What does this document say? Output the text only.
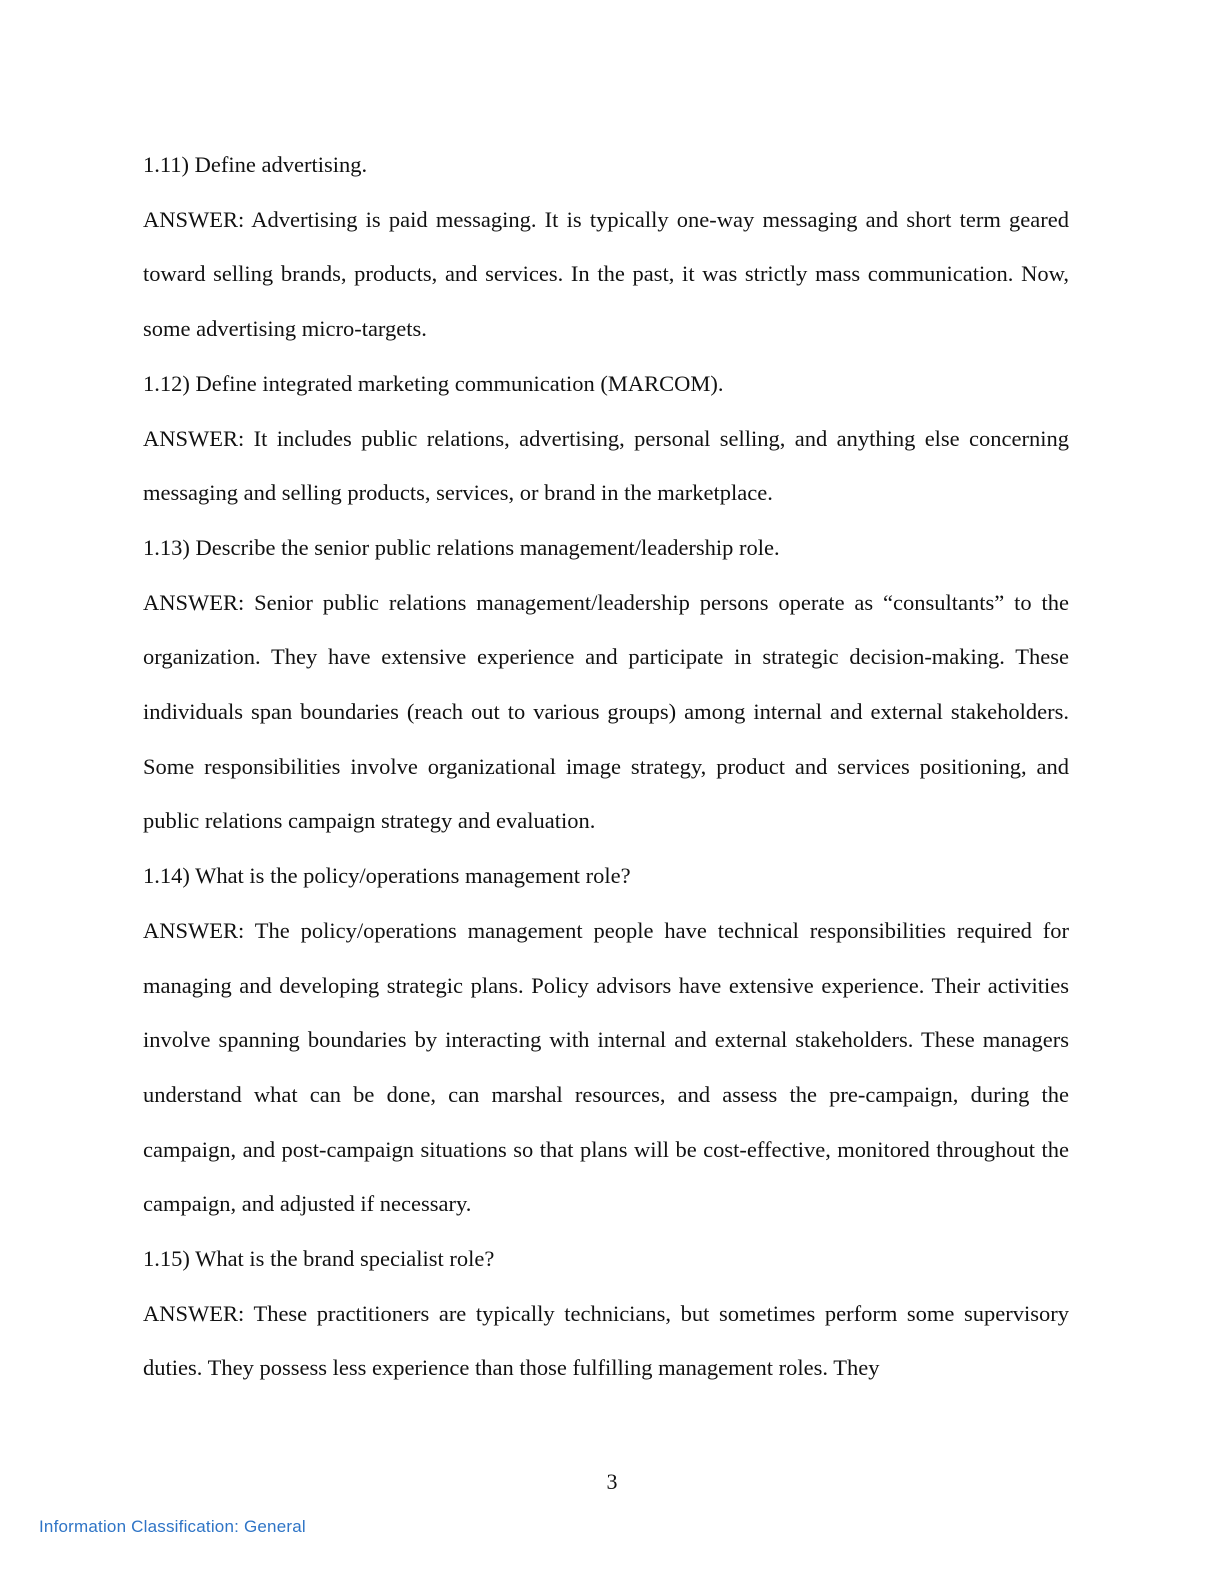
1.11) Define advertising.

ANSWER: Advertising is paid messaging. It is typically one-way messaging and short term geared toward selling brands, products, and services. In the past, it was strictly mass communication. Now, some advertising micro-targets.

1.12) Define integrated marketing communication (MARCOM).

ANSWER: It includes public relations, advertising, personal selling, and anything else concerning messaging and selling products, services, or brand in the marketplace.

1.13) Describe the senior public relations management/leadership role.

ANSWER: Senior public relations management/leadership persons operate as “consultants” to the organization. They have extensive experience and participate in strategic decision-making. These individuals span boundaries (reach out to various groups) among internal and external stakeholders. Some responsibilities involve organizational image strategy, product and services positioning, and public relations campaign strategy and evaluation.

1.14) What is the policy/operations management role?

ANSWER: The policy/operations management people have technical responsibilities required for managing and developing strategic plans. Policy advisors have extensive experience. Their activities involve spanning boundaries by interacting with internal and external stakeholders. These managers understand what can be done, can marshal resources, and assess the pre-campaign, during the campaign, and post-campaign situations so that plans will be cost-effective, monitored throughout the campaign, and adjusted if necessary.

1.15) What is the brand specialist role?

ANSWER: These practitioners are typically technicians, but sometimes perform some supervisory duties. They possess less experience than those fulfilling management roles. They

3
Information Classification: General
